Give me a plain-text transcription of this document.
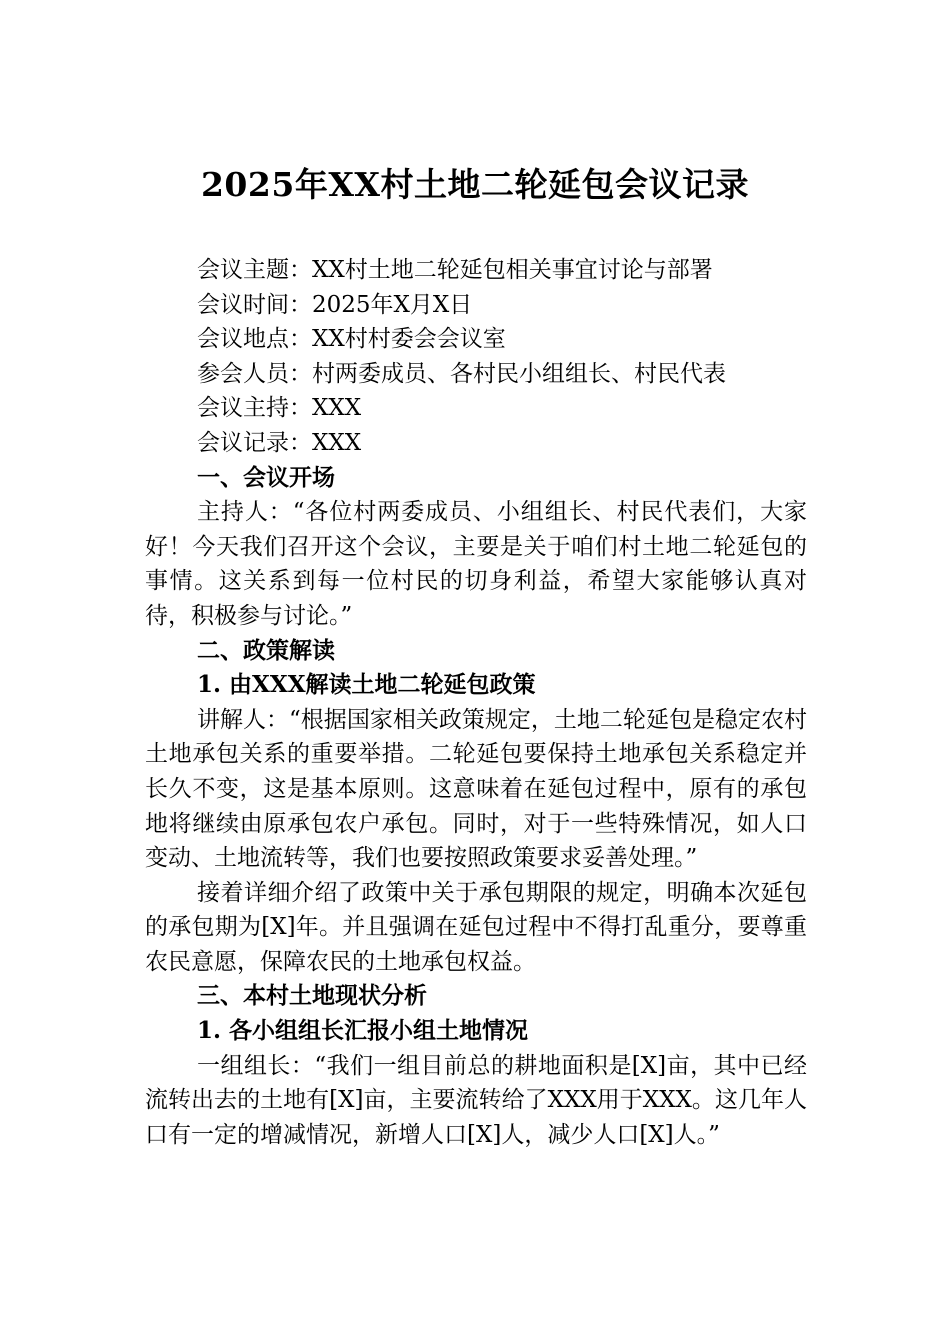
2025年XX村土地二轮延包会议记录
会议主题：XX村土地二轮延包相关事宜讨论与部署
会议时间：2025年X月X日
会议地点：XX村村委会会议室
参会人员：村两委成员、各村民小组组长、村民代表
会议主持：XXX
会议记录：XXX
一、会议开场

主持人：“各位村两委成员、小组组长、村民代表们，大家好！今天我们召开这个会议，主要是关于咱们村土地二轮延包的事情。这关系到每一位村民的切身利益，希望大家能够认真对待，积极参与讨论。”

二、政策解读
1. 由XXX解读土地二轮延包政策

讲解人：“根据国家相关政策规定，土地二轮延包是稳定农村土地承包关系的重要举措。二轮延包要保持土地承包关系稳定并长久不变，这是基本原则。这意味着在延包过程中，原有的承包地将继续由原承包农户承包。同时，对于一些特殊情况，如人口变动、土地流转等，我们也要按照政策要求妥善处理。”

接着详细介绍了政策中关于承包期限的规定，明确本次延包的承包期为[X]年。并且强调在延包过程中不得打乱重分，要尊重农民意愿，保障农民的土地承包权益。

三、本村土地现状分析
1. 各小组组长汇报小组土地情况

一组组长：“我们一组目前总的耕地面积是[X]亩，其中已经流转出去的土地有[X]亩，主要流转给了XXX用于XXX。这几年人口有一定的增减情况，新增人口[X]人，减少人口[X]人。”
